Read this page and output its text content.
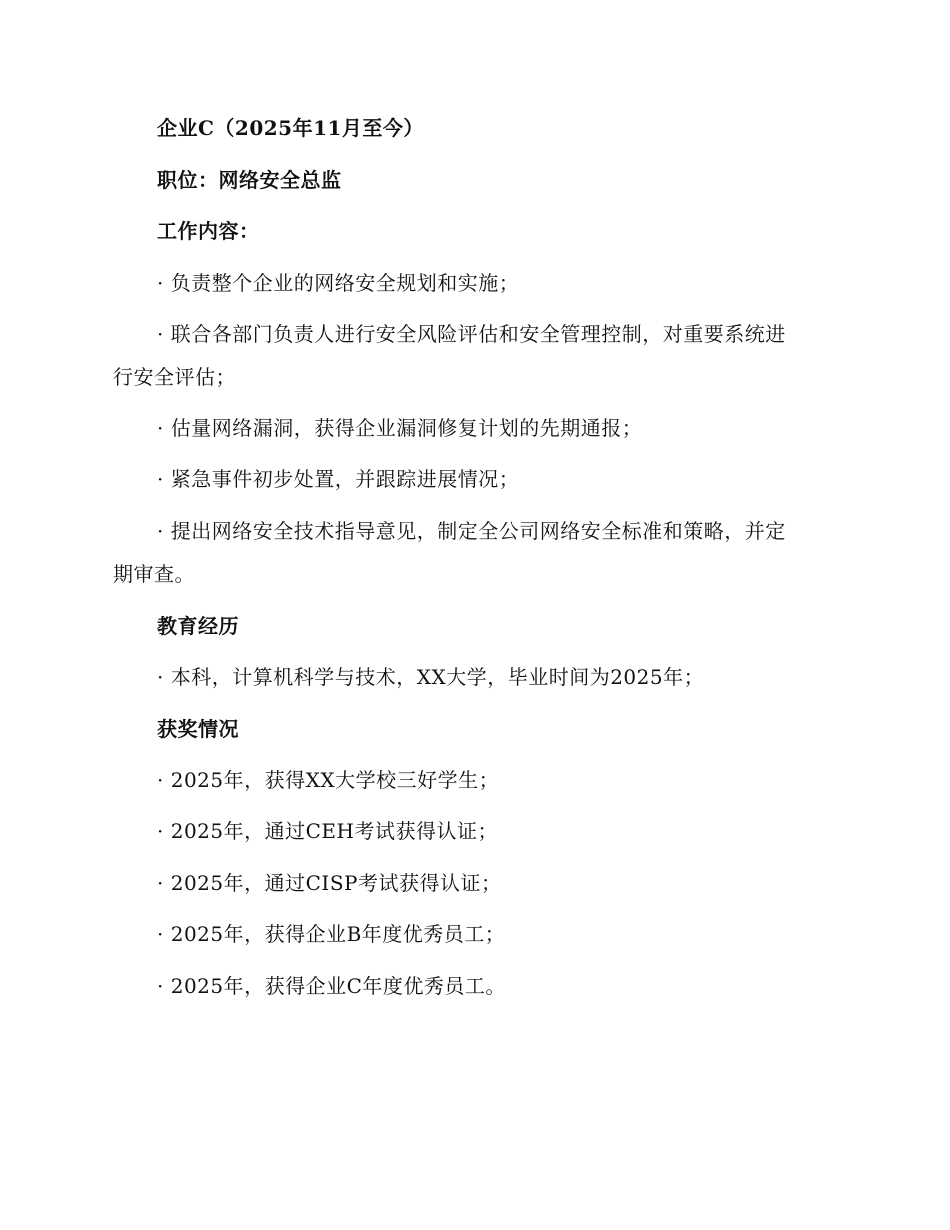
企业C（2025年11月至今）
职位：网络安全总监
工作内容：
· 负责整个企业的网络安全规划和实施；
· 联合各部门负责人进行安全风险评估和安全管理控制，对重要系统进
行安全评估；
· 估量网络漏洞，获得企业漏洞修复计划的先期通报；
· 紧急事件初步处置，并跟踪进展情况；
· 提出网络安全技术指导意见，制定全公司网络安全标准和策略，并定
期审查。
教育经历
· 本科，计算机科学与技术，XX大学，毕业时间为2025年；
获奖情况
· 2025年，获得XX大学校三好学生；
· 2025年，通过CEH考试获得认证；
· 2025年，通过CISP考试获得认证；
· 2025年，获得企业B年度优秀员工；
· 2025年，获得企业C年度优秀员工。
